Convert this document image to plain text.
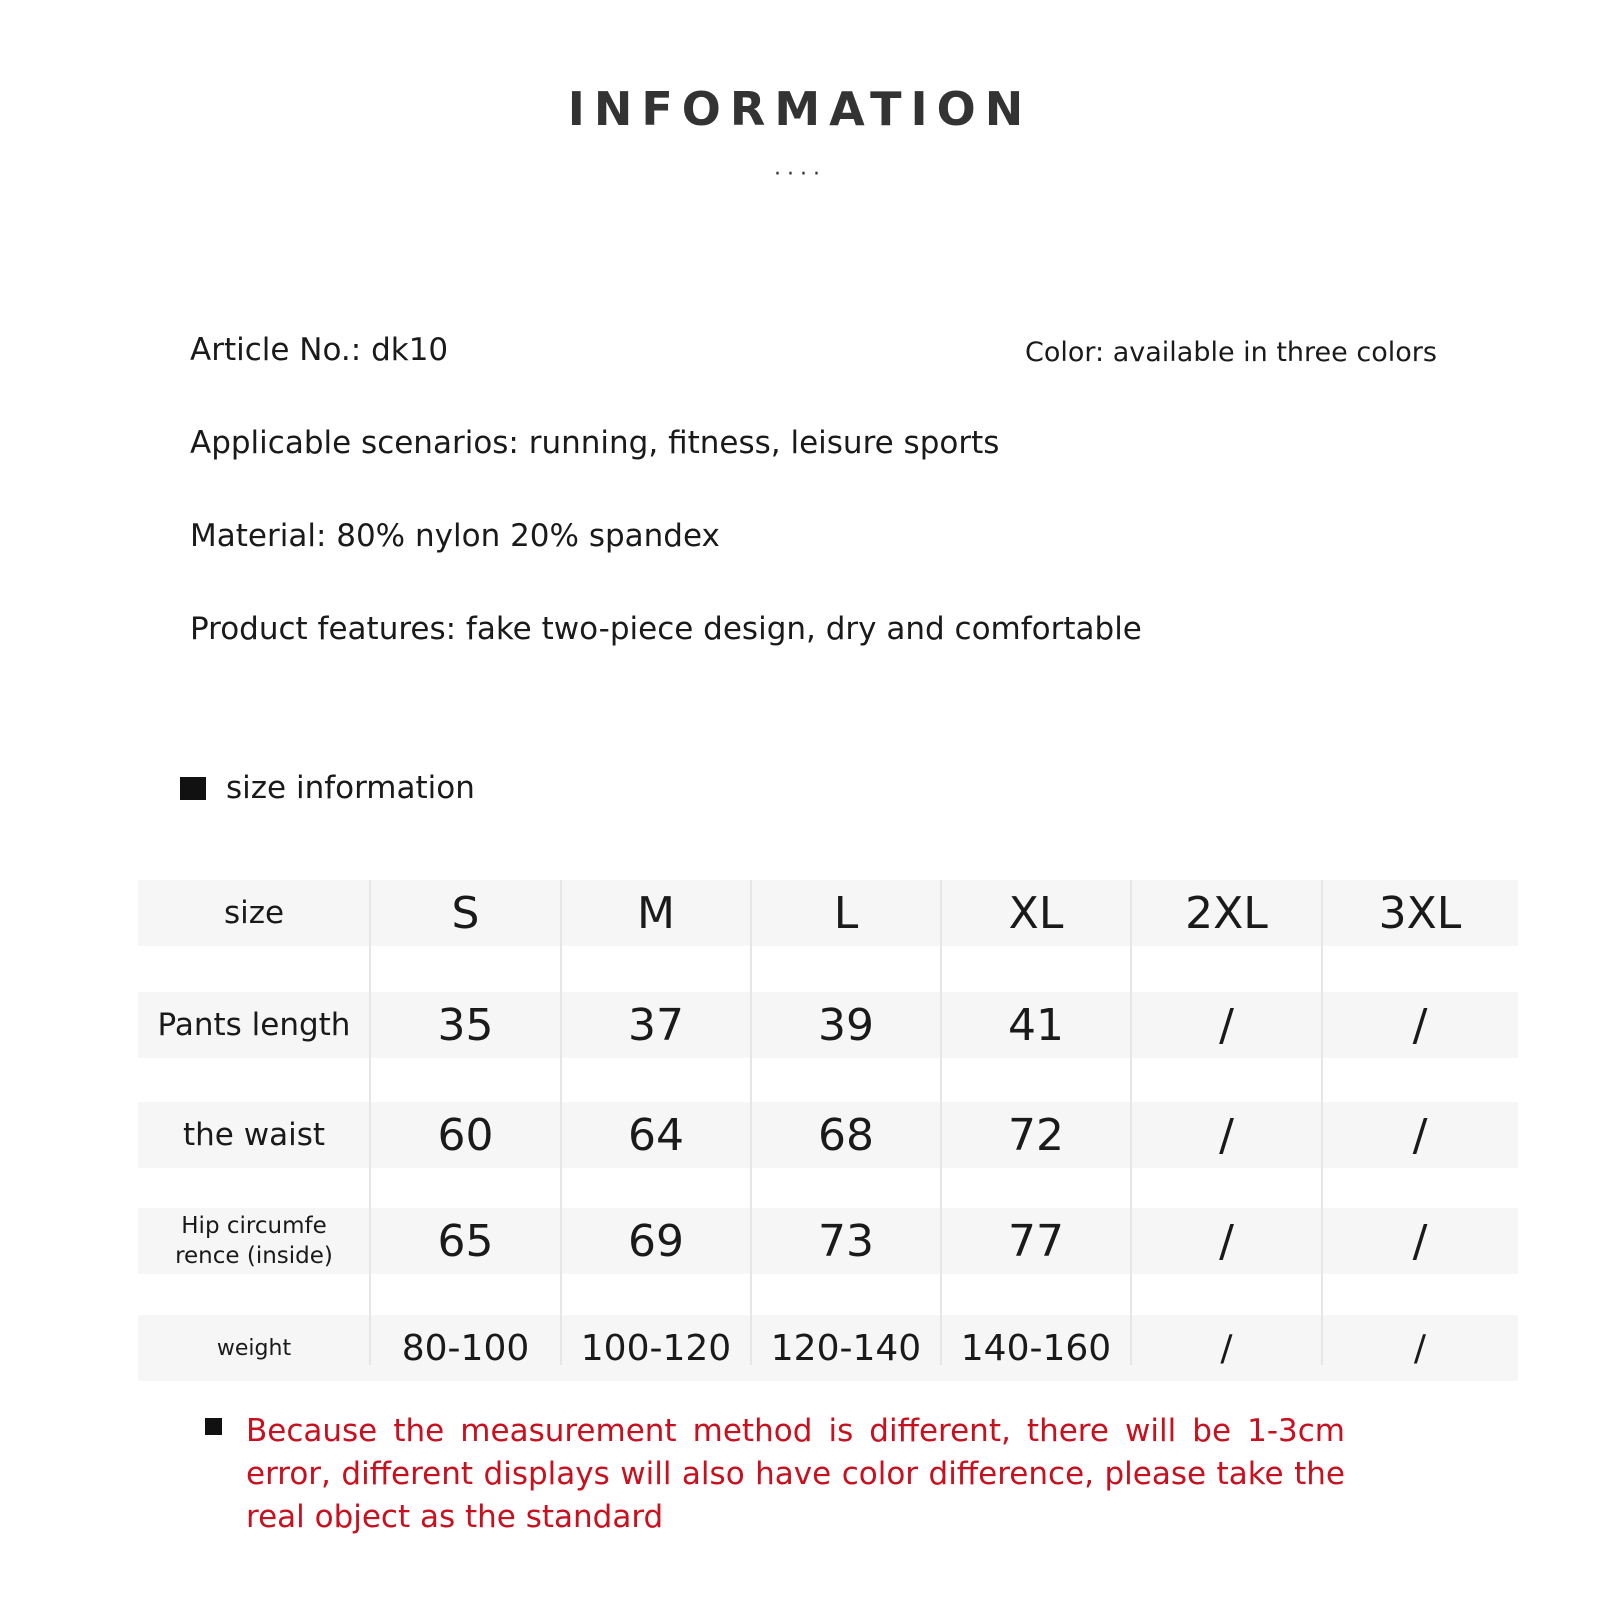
INFORMATION
····
Article No.: dk10	Color: available in three colors
Applicable scenarios: running, fitness, leisure sports
Material: 80% nylon 20% spandex
Product features: fake two-piece design, dry and comfortable
size information
size	S	M	L	XL	2XL	3XL
Pants length	35	37	39	41	/	/
the waist	60	64	68	72	/	/
Hip circumfe
rence (inside)	65	69	73	77	/	/
weight	80-100	100-120	120-140	140-160	/	/
Because the measurement method is different, there will be 1-3cm error, different displays will also have color difference, please take the real object as the standard
